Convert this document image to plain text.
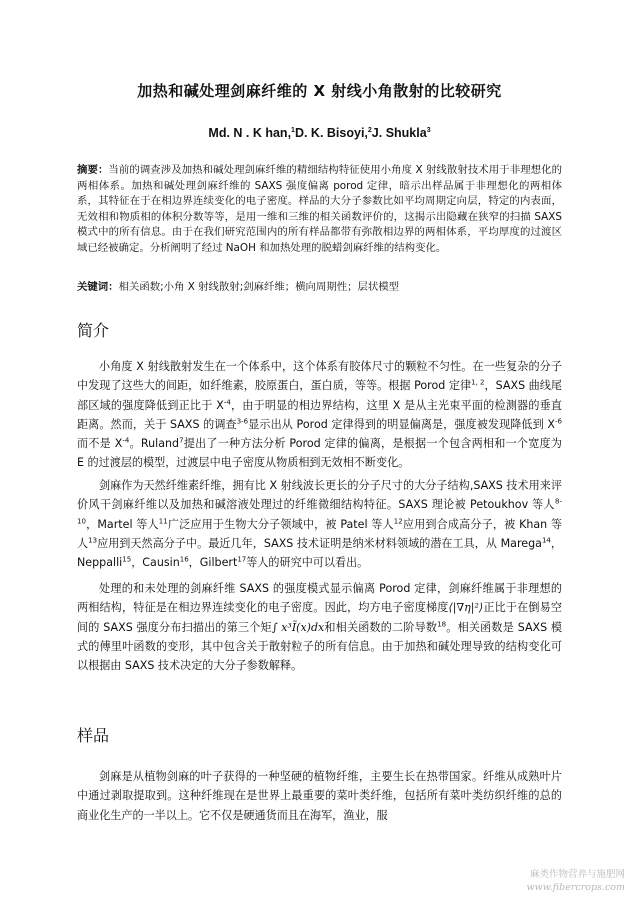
加热和碱处理剑麻纤维的 X 射线小角散射的比较研究
Md. N . K han,$^1$D. K. Bisoyi,$^2$J. Shukla$^3$
摘要：当前的调查涉及加热和碱处理剑麻纤维的精细结构特征使用小角度 X 射线散射技术用于非理想化的两相体系。加热和碱处理剑麻纤维的 SAXS 强度偏离 porod 定律，暗示出样品属于非理想化的两相体系，其特征在于在相边界连续变化的电子密度。样品的大分子参数比如平均周期定向层，特定的内表面，无效相和物质相的体积分数等等，是用一维和三维的相关函数评价的，这揭示出隐藏在狭窄的扫描 SAXS 模式中的所有信息。由于在我们研究范围内的所有样品都带有弥散相边界的两相体系，平均厚度的过渡区域已经被确定。分析阐明了经过 NaOH 和加热处理的脱蜡剑麻纤维的结构变化。
关键词：相关函数;小角 X 射线散射;剑麻纤维；横向周期性；层状模型
简介
小角度 X 射线散射发生在一个体系中，这个体系有胶体尺寸的颗粒不匀性。在一些复杂的分子中发现了这些大的间距，如纤维素，胶原蛋白，蛋白质，等等。根据 Porod 定律$^{1, 2}$，SAXS 曲线尾部区域的强度降低到正比于 $X^{-4}$，由于明显的相边界结构，这里 X 是从主光束平面的检测器的垂直距离。然而，关于 SAXS 的调查$^{3-6}$显示出从 Porod 定律得到的明显偏离是，强度被发现降低到 $X^{-6}$而不是 $X^{-4}$。Ruland$^7$提出了一种方法分析 Porod 定律的偏离，是根据一个包含两相和一个宽度为 E 的过渡层的模型，过渡层中电子密度从物质相到无效相不断变化。
剑麻作为天然纤维素纤维，拥有比 X 射线波长更长的分子尺寸的大分子结构,SAXS 技术用来评价风干剑麻纤维以及加热和碱溶液处理过的纤维微细结构特征。SAXS 理论被 Petoukhov 等人$^{8-10}$，Martel 等人$^{11}$广泛应用于生物大分子领域中，被 Patel 等人$^{12}$应用到合成高分子，被 Khan 等人$^{13}$应用到天然高分子中。最近几年，SAXS 技术证明是纳米材料领域的潜在工具，从 Marega$^{14}$，Neppalli$^{15}$，Causin$^{16}$，Gilbert$^{17}$等人的研究中可以看出。
处理的和未处理的剑麻纤维 SAXS 的强度模式显示偏离 Porod 定律，剑麻纤维属于非理想的两相结构，特征是在相边界连续变化的电子密度。因此，均方电子密度梯度⟨|∇η|²⟩正比于在倒易空间的 SAXS 强度分布扫描出的第三个矩∫ x³Ĩ(x)dx和相关函数的二阶导数$^{18}$。相关函数是 SAXS 模式的傅里叶函数的变形，其中包含关于散射粒子的所有信息。由于加热和碱处理导致的结构变化可以根据由 SAXS 技术决定的大分子参数解释。
样品
剑麻是从植物剑麻的叶子获得的一种坚硬的植物纤维，主要生长在热带国家。纤维从成熟叶片中通过剥取提取到。这种纤维现在是世界上最重要的菜叶类纤维，包括所有菜叶类纺织纤维的总的商业化生产的一半以上。它不仅是硬通货而且在海军，渔业，服
麻类作物营养与施肥网
www.fibercrops.com
